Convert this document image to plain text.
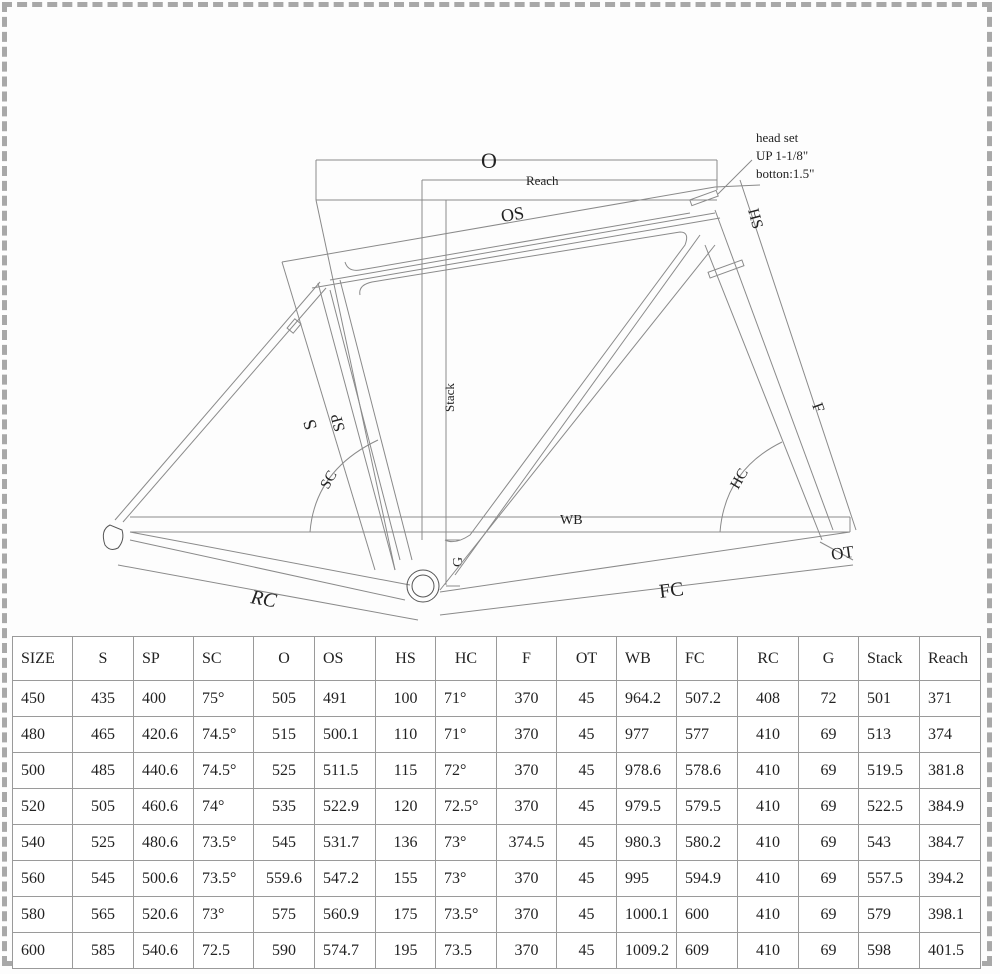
O
Reach
Stack
OS
S SP
RC
WB
SC
G
HS
F
HC
FC
OT
head set
UP 1-1/8"
botton:1.5"
SIZE	S	SP	SC	O	OS	HS	HC	F	OT	WB	FC	RC	G	Stack	Reach
450	435	400	75°	505	491	100	71°	370	45	964.2	507.2	408	72	501	371
480	465	420.6	74.5°	515	500.1	110	71°	370	45	977	577	410	69	513	374
500	485	440.6	74.5°	525	511.5	115	72°	370	45	978.6	578.6	410	69	519.5	381.8
520	505	460.6	74°	535	522.9	120	72.5°	370	45	979.5	579.5	410	69	522.5	384.9
540	525	480.6	73.5°	545	531.7	136	73°	374.5	45	980.3	580.2	410	69	543	384.7
560	545	500.6	73.5°	559.6	547.2	155	73°	370	45	995	594.9	410	69	557.5	394.2
580	565	520.6	73°	575	560.9	175	73.5°	370	45	1000.1	600	410	69	579	398.1
600	585	540.6	72.5	590	574.7	195	73.5	370	45	1009.2	609	410	69	598	401.5
